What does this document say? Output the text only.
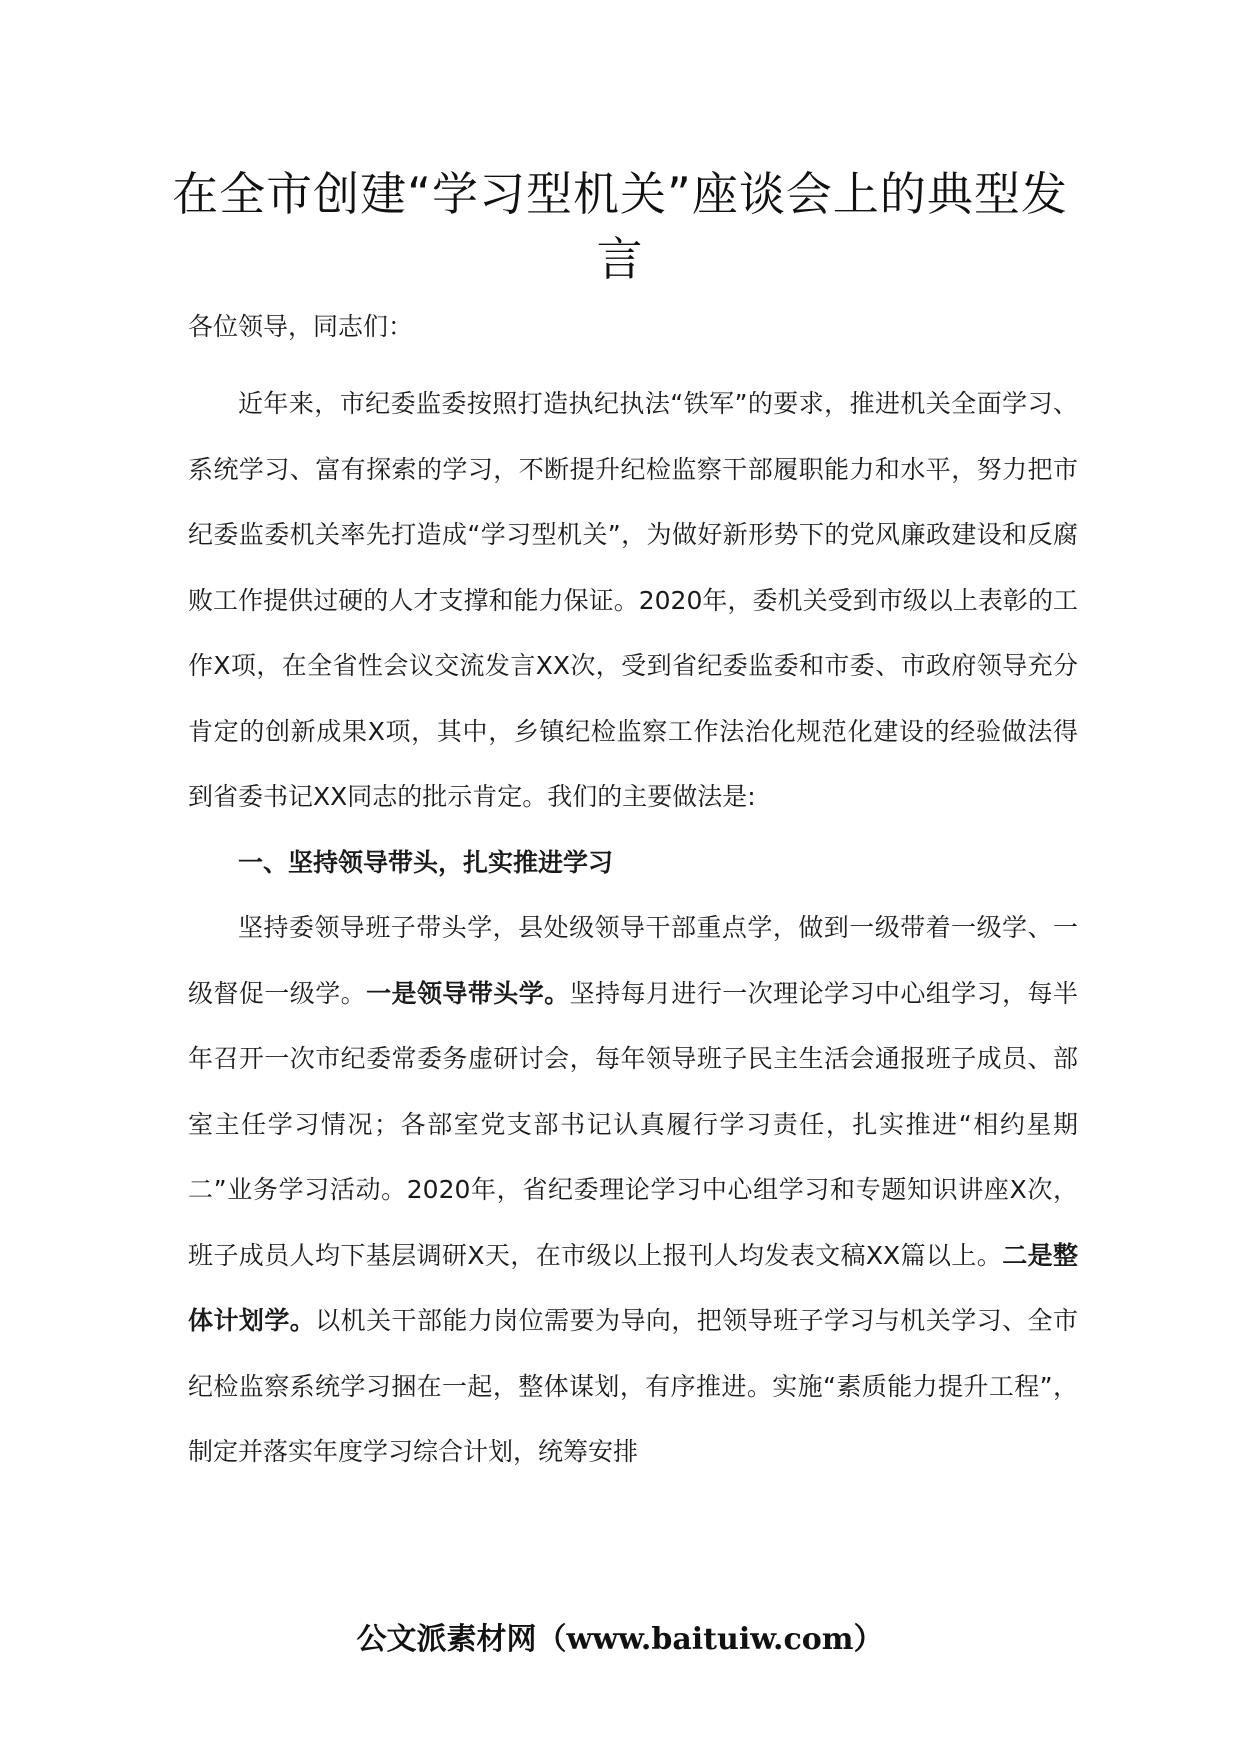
在全市创建“学习型机关”座谈会上的典型发言

各位领导，同志们：

近年来，市纪委监委按照打造执纪执法“铁军”的要求，推进机关全面学习、系统学习、富有探索的学习，不断提升纪检监察干部履职能力和水平，努力把市纪委监委机关率先打造成“学习型机关”，为做好新形势下的党风廉政建设和反腐败工作提供过硬的人才支撑和能力保证。2020年，委机关受到市级以上表彰的工作X项，在全省性会议交流发言XX次，受到省纪委监委和市委、市政府领导充分肯定的创新成果X项，其中，乡镇纪检监察工作法治化规范化建设的经验做法得到省委书记XX同志的批示肯定。我们的主要做法是:

一、坚持领导带头，扎实推进学习

坚持委领导班子带头学，县处级领导干部重点学，做到一级带着一级学、一级督促一级学。一是领导带头学。坚持每月进行一次理论学习中心组学习，每半年召开一次市纪委常委务虚研讨会，每年领导班子民主生活会通报班子成员、部室主任学习情况；各部室党支部书记认真履行学习责任，扎实推进“相约星期二”业务学习活动。2020年，省纪委理论学习中心组学习和专题知识讲座X次，班子成员人均下基层调研X天，在市级以上报刊人均发表文稿XX篇以上。二是整体计划学。以机关干部能力岗位需要为导向，把领导班子学习与机关学习、全市纪检监察系统学习捆在一起，整体谋划，有序推进。实施“素质能力提升工程”，制定并落实年度学习综合计划，统筹安排

公文派素材网（www.baituiw.com）
